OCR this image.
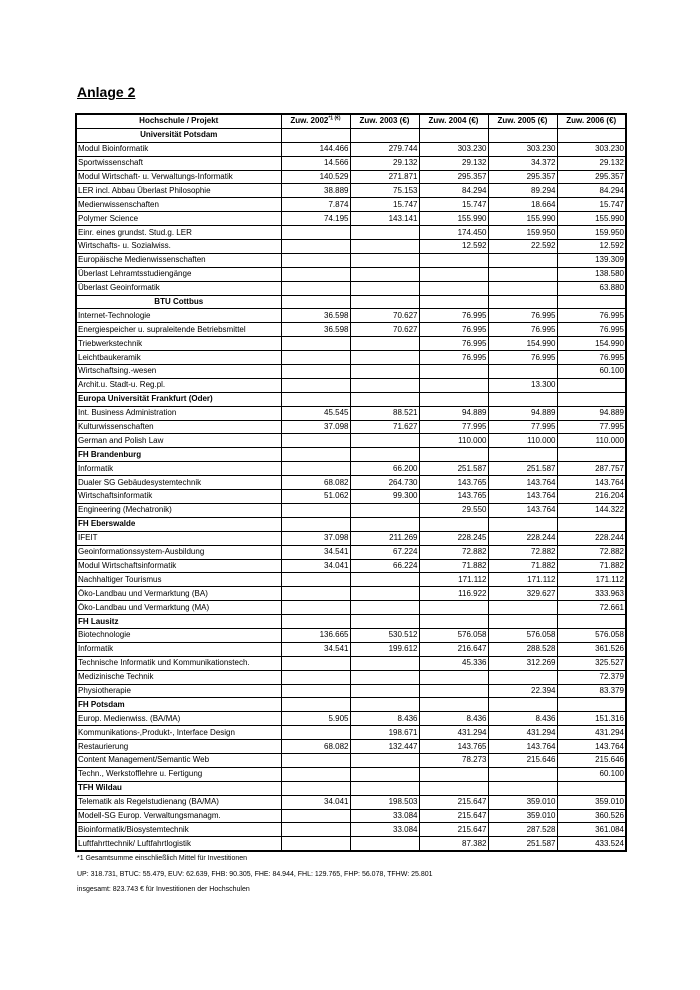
Anlage 2
Hochschule / Projekt	Zuw. $2002^{*1 (€)}$	Zuw. 2003 (€)	Zuw. 2004 (€)	Zuw. 2005 (€)	Zuw. 2006 (€)
Universität Potsdam					
Modul Bioinformatik	144.466	279.744	303.230	303.230	303.230
Sportwissenschaft	14.566	29.132	29.132	34.372	29.132
Modul Wirtschaft- u. Verwaltungs-Informatik	140.529	271.871	295.357	295.357	295.357
LER incl. Abbau Überlast Philosophie	38.889	75.153	84.294	89.294	84.294
Medienwissenschaften	7.874	15.747	15.747	18.664	15.747
Polymer Science	74.195	143.141	155.990	155.990	155.990
Einr. eines grundst. Stud.g. LER			174.450	159.950	159.950
Wirtschafts- u. Sozialwiss.			12.592	22.592	12.592
Europäische Medienwissenschaften					139.309
Überlast Lehramtsstudiengänge					138.580
Überlast Geoinformatik					63.880
BTU Cottbus					
Internet-Technologie	36.598	70.627	76.995	76.995	76.995
Energiespeicher u. supraleitende Betriebsmittel	36.598	70.627	76.995	76.995	76.995
Triebwerkstechnik			76.995	154.990	154.990
Leichtbaukeramik			76.995	76.995	76.995
Wirtschaftsing.-wesen					60.100
Archit.u. Stadt-u. Reg.pl.				13.300	
Europa Universität Frankfurt (Oder)					
Int. Business Administration	45.545	88.521	94.889	94.889	94.889
Kulturwissenschaften	37.098	71.627	77.995	77.995	77.995
German and Polish Law			110.000	110.000	110.000
FH Brandenburg					
Informatik		66.200	251.587	251.587	287.757
Dualer SG Gebäudesystemtechnik	68.082	264.730	143.765	143.764	143.764
Wirtschaftsinformatik	51.062	99.300	143.765	143.764	216.204
Engineering (Mechatronik)			29.550	143.764	144.322
FH Eberswalde					
IFEIT	37.098	211.269	228.245	228.244	228.244
Geoinformationssystem-Ausbildung	34.541	67.224	72.882	72.882	72.882
Modul Wirtschaftsinformatik	34.041	66.224	71.882	71.882	71.882
Nachhaltiger Tourismus			171.112	171.112	171.112
Öko-Landbau und Vermarktung (BA)			116.922	329.627	333.963
Öko-Landbau und Vermarktung (MA)					72.661
FH Lausitz					
Biotechnologie	136.665	530.512	576.058	576.058	576.058
Informatik	34.541	199.612	216.647	288.528	361.526
Technische Informatik und Kommunikationstech.			45.336	312.269	325.527
Medizinische Technik					72.379
Physiotherapie				22.394	83.379
FH Potsdam					
Europ. Medienwiss. (BA/MA)	5.905	8.436	8.436	8.436	151.316
Kommunikations-,Produkt-, Interface Design		198.671	431.294	431.294	431.294
Restaurierung	68.082	132.447	143.765	143.764	143.764
Content Management/Semantic Web			78.273	215.646	215.646
Techn., Werkstofflehre u. Fertigung					60.100
TFH Wildau					
Telematik als Regelstudienang (BA/MA)	34.041	198.503	215.647	359.010	359.010
Modell-SG Europ. Verwaltungsmanagm.		33.084	215.647	359.010	360.526
Bioinformatik/Biosystemtechnik		33.084	215.647	287.528	361.084
Luftfahrttechnik/ Luftfahrtlogistik			87.382	251.587	433.524
*1 Gesamtsumme einschließlich Mittel für Investitionen
UP: 318.731, BTUC: 55.479, EUV: 62.639, FHB: 90.305, FHE: 84.944, FHL: 129.765, FHP: 56.078, TFHW: 25.801
insgesamt: 823.743 € für Investitionen der Hochschulen
